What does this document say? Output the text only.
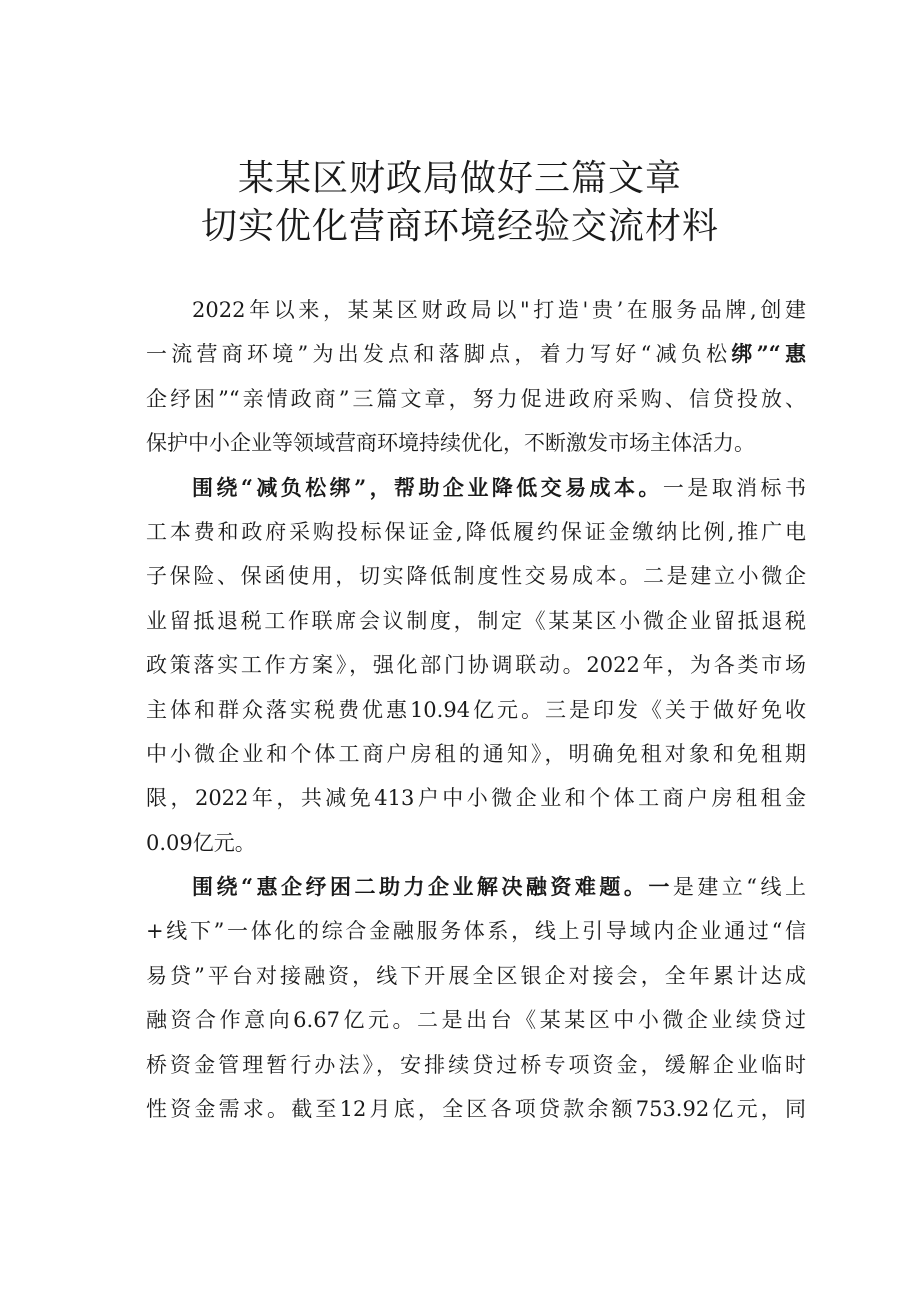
某某区财政局做好三篇文章
切实优化营商环境经验交流材料
2022年以来，某某区财政局以"打造'贵’在服务品牌,创建
一流营商环境”为出发点和落脚点，着力写好“减负松绑”“惠
企纾困”“亲情政商”三篇文章，努力促进政府采购、信贷投放、
保护中小企业等领域营商环境持续优化，不断激发市场主体活力。
围绕“减负松绑”，帮助企业降低交易成本。一是取消标书
工本费和政府采购投标保证金,降低履约保证金缴纳比例,推广电
子保险、保函使用，切实降低制度性交易成本。二是建立小微企
业留抵退税工作联席会议制度，制定《某某区小微企业留抵退税
政策落实工作方案》，强化部门协调联动。2022年，为各类市场
主体和群众落实税费优惠10.94亿元。三是印发《关于做好免收
中小微企业和个体工商户房租的通知》，明确免租对象和免租期
限，2022年，共减免413户中小微企业和个体工商户房租租金
0.09亿元。
围绕“惠企纾困二助力企业解决融资难题。一是建立“线上
+线下”一体化的综合金融服务体系，线上引导域内企业通过“信
易贷”平台对接融资，线下开展全区银企对接会，全年累计达成
融资合作意向6.67亿元。二是出台《某某区中小微企业续贷过
桥资金管理暂行办法》，安排续贷过桥专项资金，缓解企业临时
性资金需求。截至12月底，全区各项贷款余额753.92亿元，同
